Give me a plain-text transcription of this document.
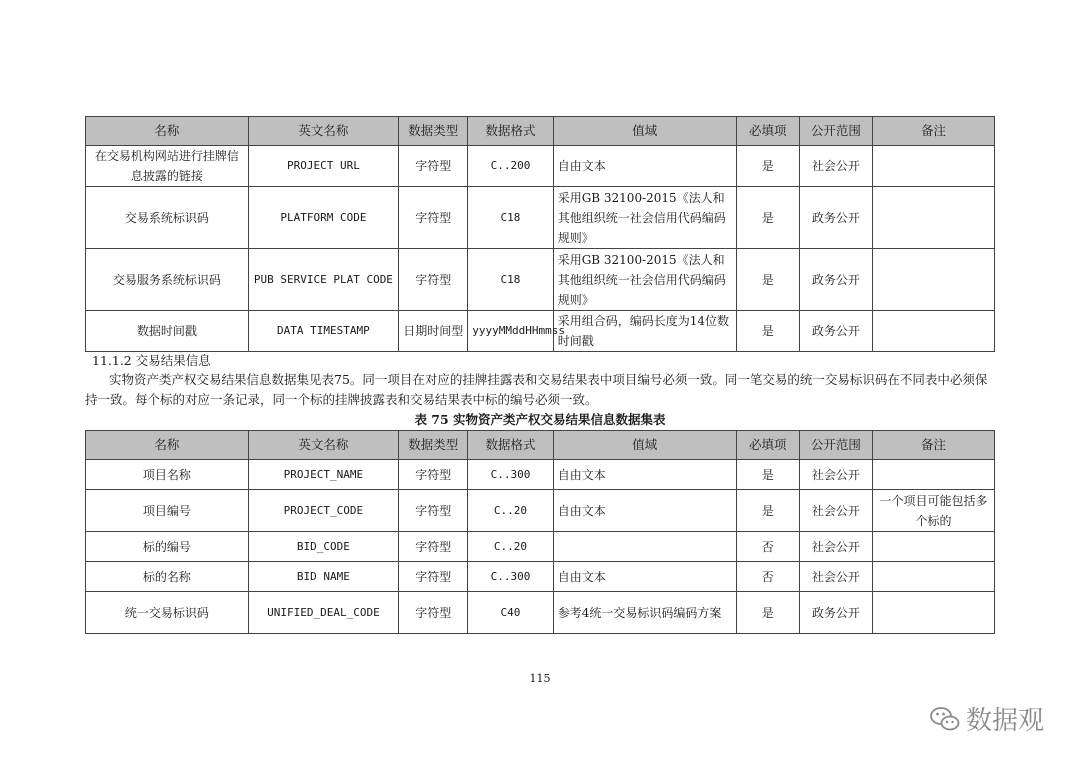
名称	英文名称	数据类型	数据格式	值域	必填项	公开范围	备注
在交易机构网站进行挂牌信息披露的链接	PROJECT URL	字符型	C..200	自由文本	是	社会公开	
交易系统标识码	PLATFORM CODE	字符型	C18	采用GB 32100-2015《法人和其他组织统一社会信用代码编码规则》	是	政务公开	
交易服务系统标识码	PUB SERVICE PLAT CODE	字符型	C18	采用GB 32100-2015《法人和其他组织统一社会信用代码编码规则》	是	政务公开	
数据时间戳	DATA TIMESTAMP	日期时间型	yyyyMMddHHmmss	采用组合码，编码长度为14位数时间戳	是	政务公开	

11.1.2 交易结果信息

实物资产类产权交易结果信息数据集见表75。同一项目在对应的挂牌挂露表和交易结果表中项目编号必须一致。同一笔交易的统一交易标识码在不同表中必须保持一致。每个标的对应一条记录，同一个标的挂牌披露表和交易结果表中标的编号必须一致。

表 75 实物资产类产权交易结果信息数据集表

名称	英文名称	数据类型	数据格式	值域	必填项	公开范围	备注
项目名称	PROJECT_NAME	字符型	C..300	自由文本	是	社会公开	
项目编号	PROJECT_CODE	字符型	C..20	自由文本	是	社会公开	一个项目可能包括多个标的
标的编号	BID_CODE	字符型	C..20		否	社会公开	
标的名称	BID NAME	字符型	C..300	自由文本	否	社会公开	
统一交易标识码	UNIFIED_DEAL_CODE	字符型	C40	参考4统一交易标识码编码方案	是	政务公开	

115

数据观
